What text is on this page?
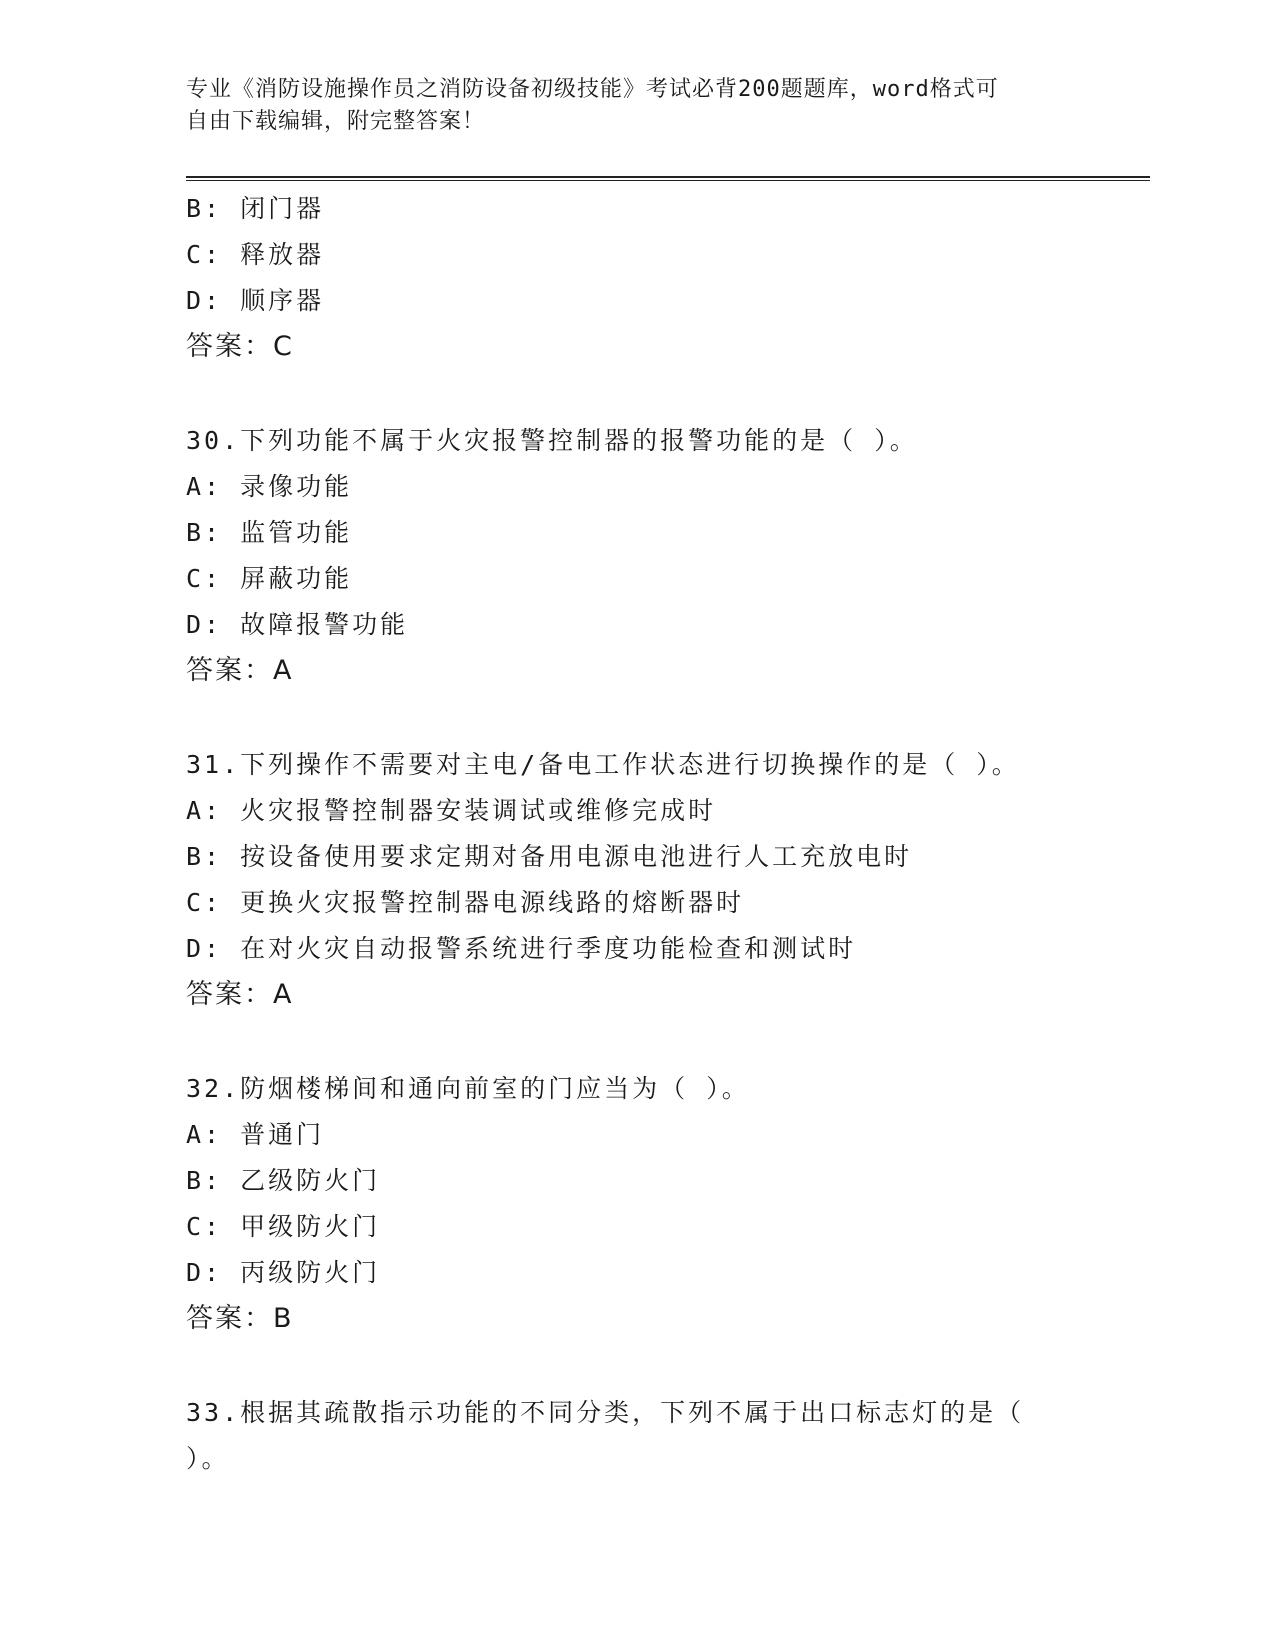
专业《消防设施操作员之消防设备初级技能》考试必背200题题库，word格式可
自由下载编辑，附完整答案！
B: 闭门器
C: 释放器
D: 顺序器
答案：C
30.下列功能不属于火灾报警控制器的报警功能的是（ ）。
A: 录像功能
B: 监管功能
C: 屏蔽功能
D: 故障报警功能
答案：A
31.下列操作不需要对主电/备电工作状态进行切换操作的是（ ）。
A: 火灾报警控制器安装调试或维修完成时
B: 按设备使用要求定期对备用电源电池进行人工充放电时
C: 更换火灾报警控制器电源线路的熔断器时
D: 在对火灾自动报警系统进行季度功能检查和测试时
答案：A
32.防烟楼梯间和通向前室的门应当为（ ）。
A: 普通门
B: 乙级防火门
C: 甲级防火门
D: 丙级防火门
答案：B
33.根据其疏散指示功能的不同分类，下列不属于出口标志灯的是（
）。
